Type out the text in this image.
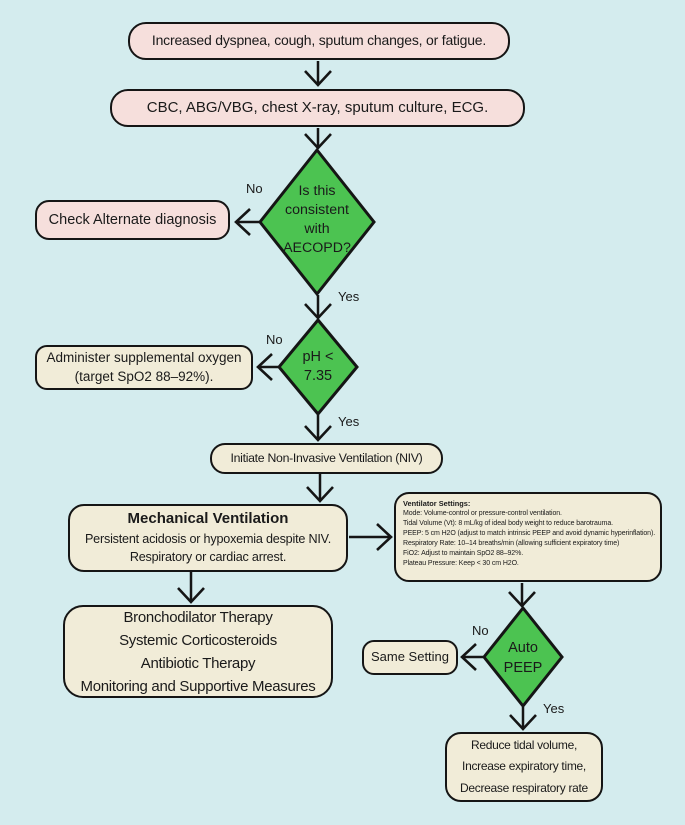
Increased dyspnea, cough, sputum changes, or fatigue.
CBC, ABG/VBG, chest X-ray, sputum culture, ECG.
Check Alternate diagnosis
Administer supplemental oxygen (target SpO2 88–92%).
Initiate Non-Invasive Ventilation (NIV)
Mechanical Ventilation
Persistent acidosis or hypoxemia despite NIV.
Respiratory or cardiac arrest.
Ventilator Settings:
Mode: Volume-control or pressure-control ventilation.
Tidal Volume (Vt): 8 mL/kg of ideal body weight to reduce barotrauma.
PEEP: 5 cm H2O (adjust to match intrinsic PEEP and avoid dynamic hyperinflation).
Respiratory Rate: 10–14 breaths/min (allowing sufficient expiratory time)
FiO2: Adjust to maintain SpO2 88–92%.
Plateau Pressure: Keep < 30 cm H2O.
Bronchodilator Therapy
Systemic Corticosteroids
Antibiotic Therapy
Monitoring and Supportive Measures
Same Setting
Reduce tidal volume,
Increase expiratory time,
Decrease respiratory rate
Is this consistent with AECOPD?
pH < 7.35
Auto PEEP
No
Yes
No
Yes
No
Yes
